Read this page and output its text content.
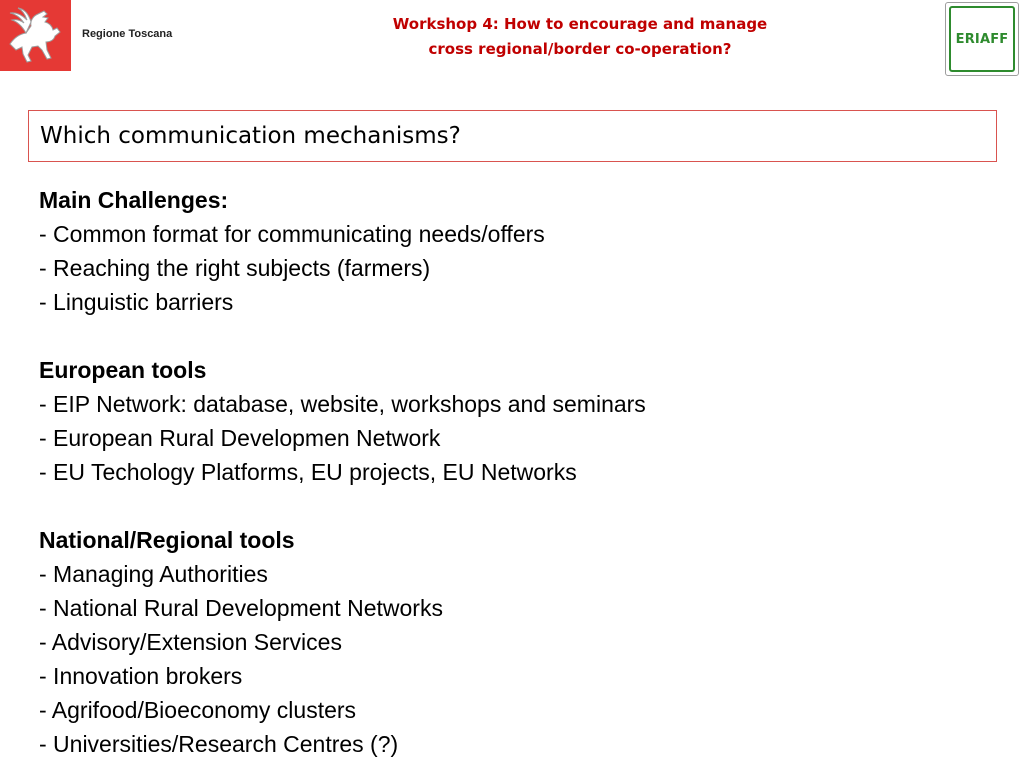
Regione Toscana
Workshop 4: How to encourage and manage
cross regional/border co-operation?
ERIAFF
Which communication mechanisms?
Main Challenges:
- Common format for communicating needs/offers
- Reaching the right subjects (farmers)
- Linguistic barriers
European tools
- EIP Network: database, website, workshops and seminars
- European Rural Developmen Network
- EU Techology Platforms, EU projects, EU Networks
National/Regional tools
- Managing Authorities
- National Rural Development Networks
- Advisory/Extension Services
- Innovation brokers
- Agrifood/Bioeconomy clusters
- Universities/Research Centres (?)
